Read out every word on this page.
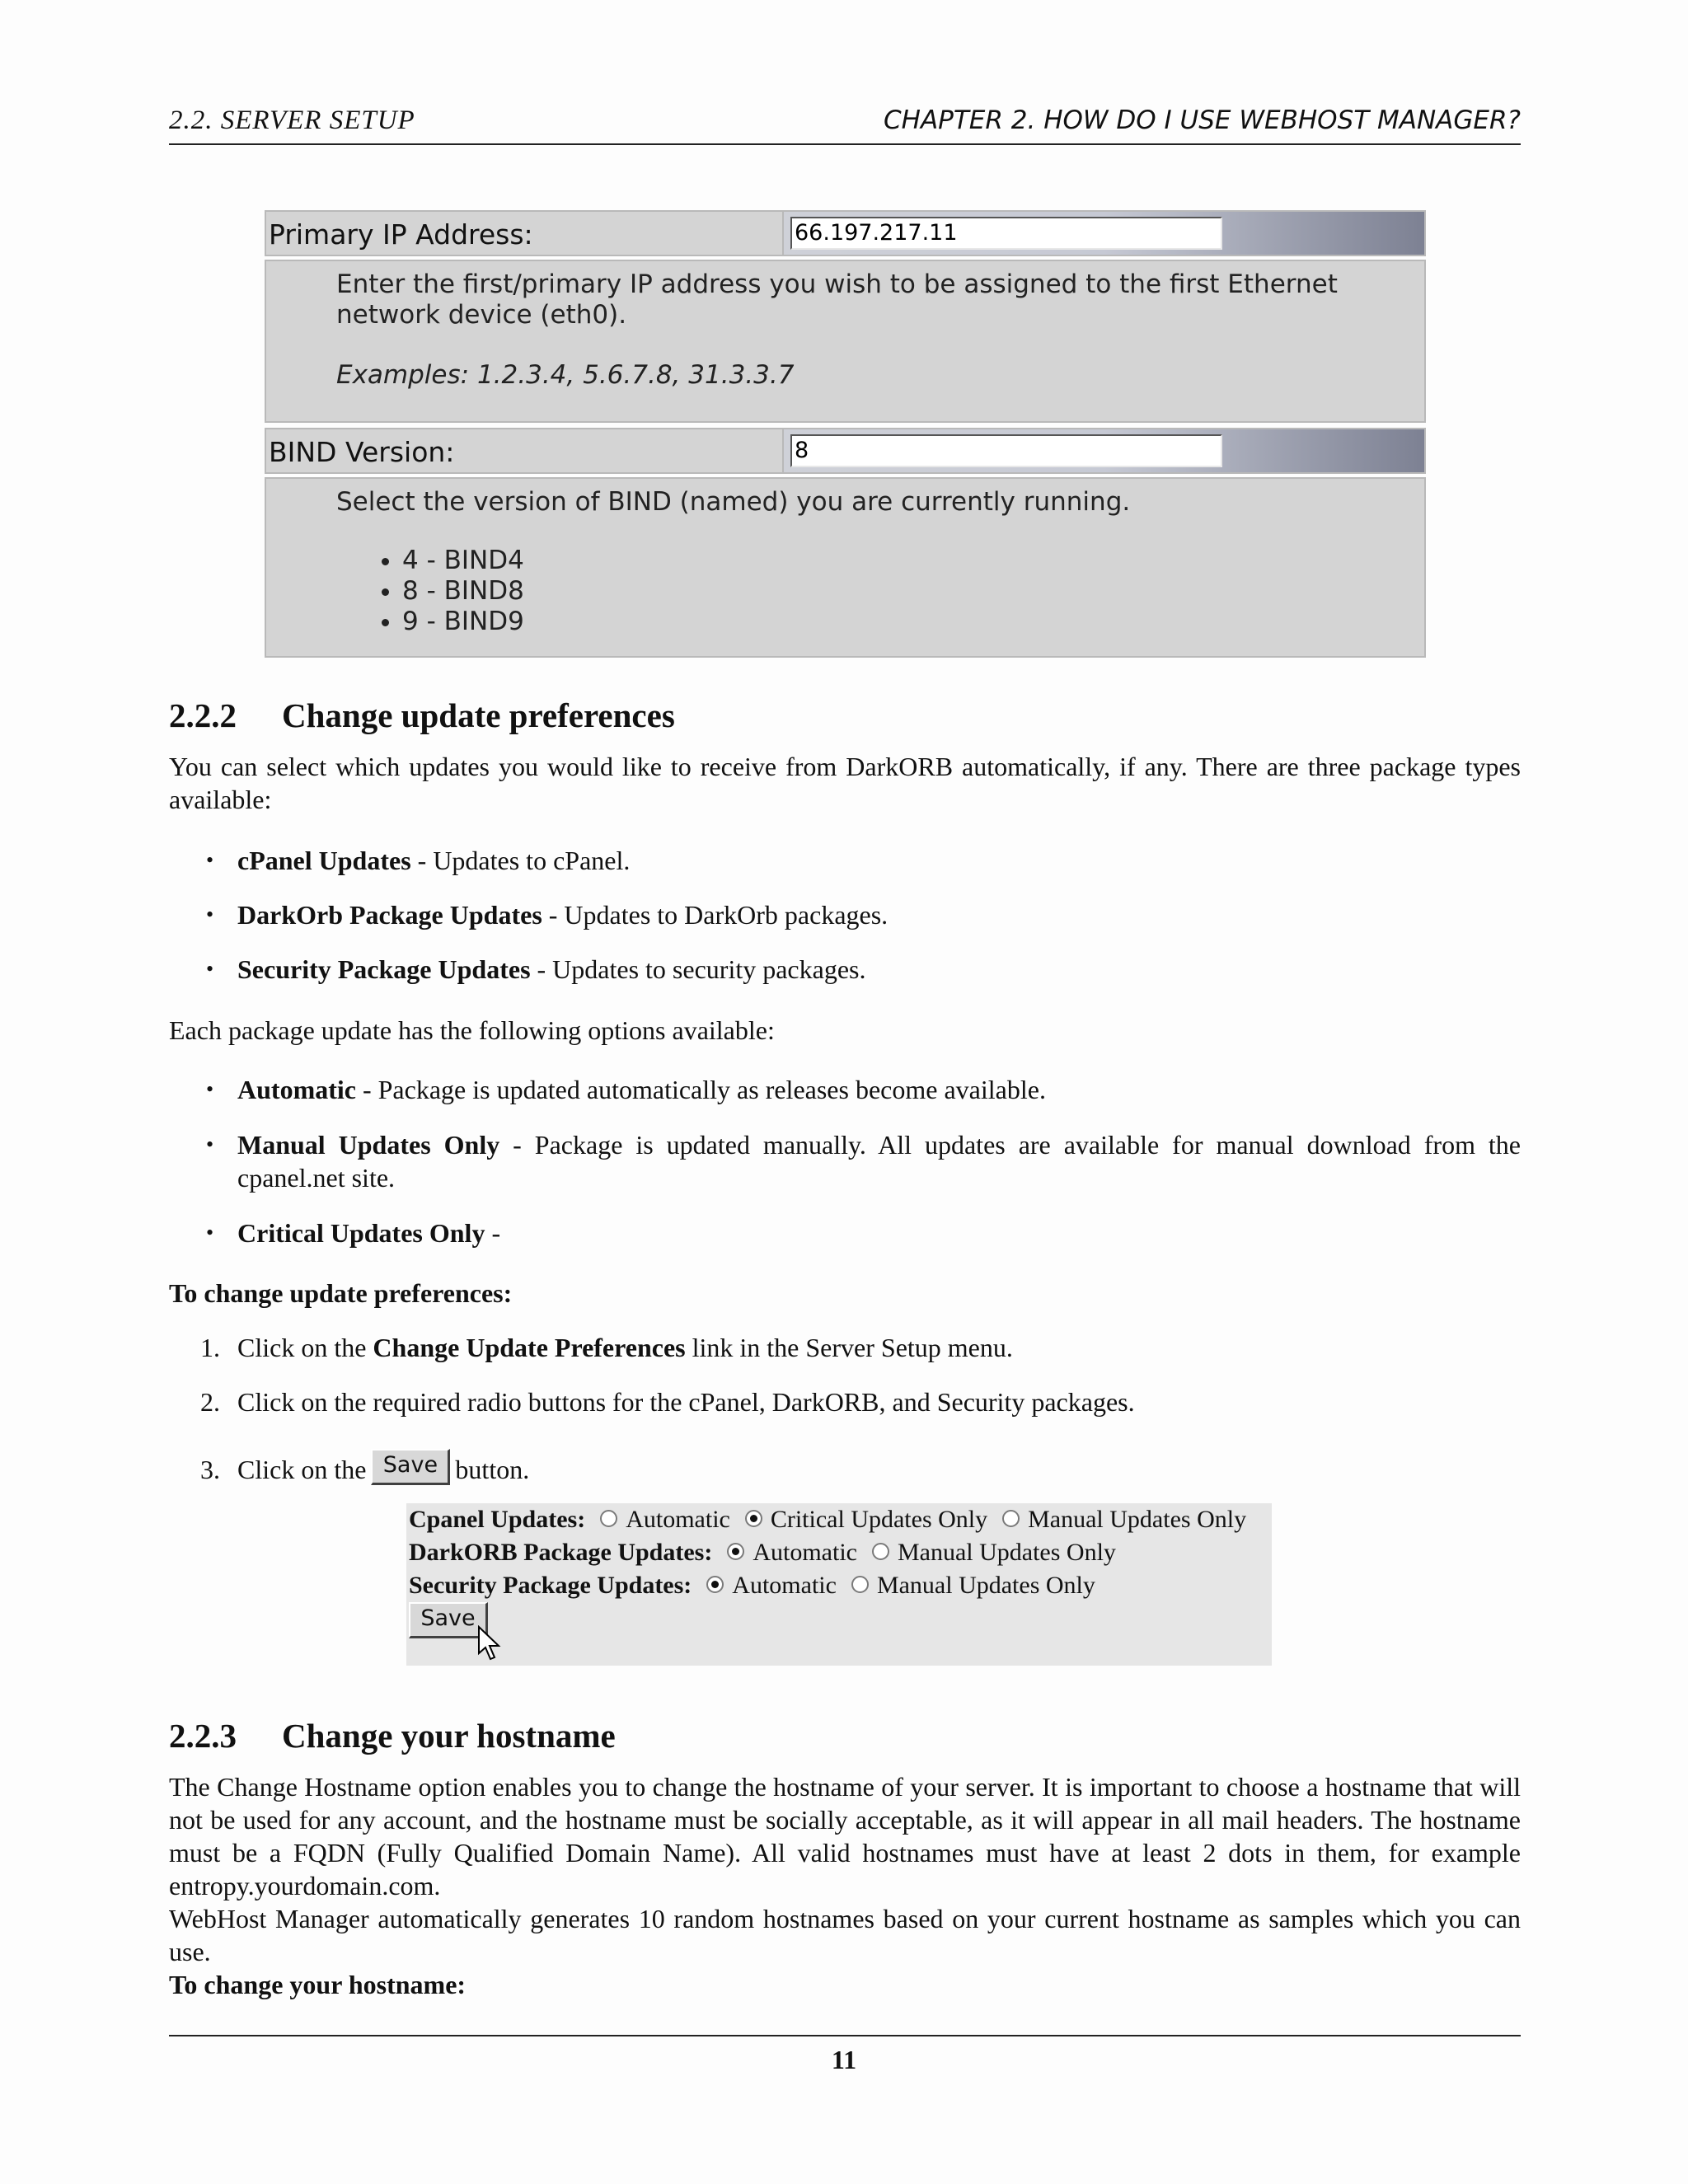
2.2. SERVER SETUP	CHAPTER 2. HOW DO I USE WEBHOST MANAGER?
Primary IP Address:	66.197.217.11

Enter the first/primary IP address you wish to be assigned to the first Ethernet network device (eth0).

Examples: 1.2.3.4, 5.6.7.8, 31.3.3.7

BIND Version:	8

Select the version of BIND (named) you are currently running.

• 4 - BIND4
• 8 - BIND8
• 9 - BIND9
2.2.2 Change update preferences
You can select which updates you would like to receive from DarkORB automatically, if any. There are three package types available:
• cPanel Updates - Updates to cPanel.
• DarkOrb Package Updates - Updates to DarkOrb packages.
• Security Package Updates - Updates to security packages.
Each package update has the following options available:
• Automatic - Package is updated automatically as releases become available.
• Manual Updates Only - Package is updated manually. All updates are available for manual download from the cpanel.net site.
• Critical Updates Only -
To change update preferences:
1. Click on the Change Update Preferences link in the Server Setup menu.
2. Click on the required radio buttons for the cPanel, DarkORB, and Security packages.
3. Click on the Save button.
Cpanel Updates: Automatic Critical Updates Only Manual Updates Only
DarkORB Package Updates: Automatic Manual Updates Only
Security Package Updates: Automatic Manual Updates Only
Save
2.2.3 Change your hostname
The Change Hostname option enables you to change the hostname of your server. It is important to choose a hostname that will not be used for any account, and the hostname must be socially acceptable, as it will appear in all mail headers. The hostname must be a FQDN (Fully Qualified Domain Name). All valid hostnames must have at least 2 dots in them, for example entropy.yourdomain.com.
WebHost Manager automatically generates 10 random hostnames based on your current hostname as samples which you can use.
To change your hostname:
11
